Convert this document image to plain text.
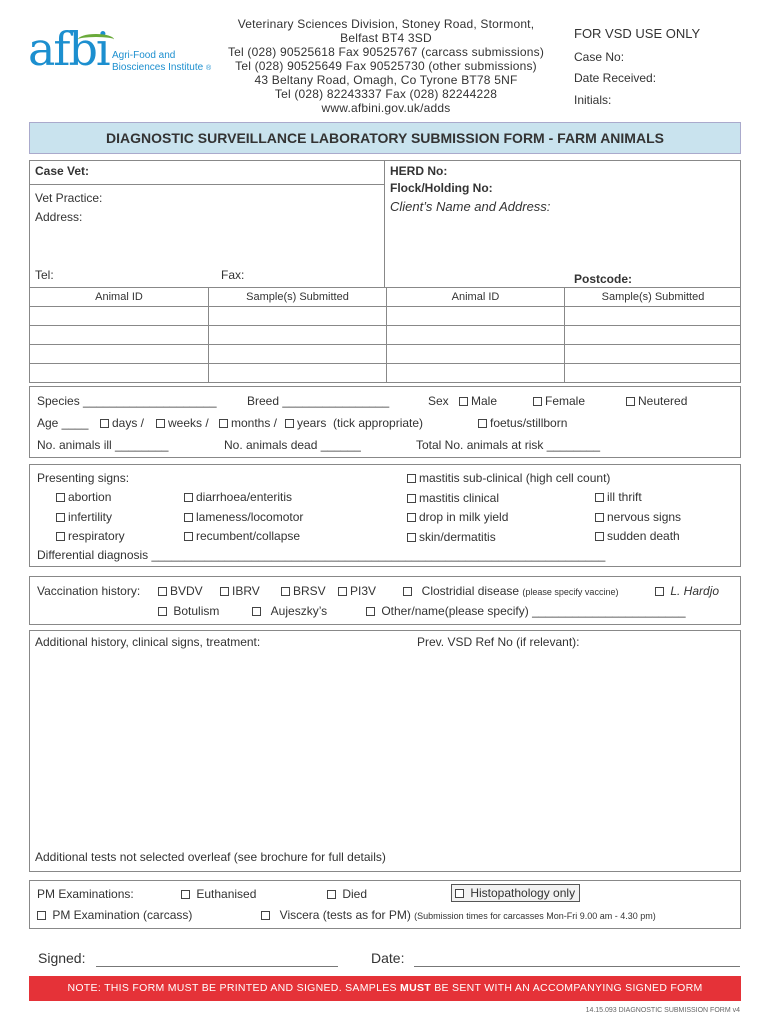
afbi Agri-Food and
Biosciences Institute ®
Veterinary Sciences Division, Stoney Road, Stormont,
Belfast BT4 3SD
Tel (028) 90525618 Fax 90525767 (carcass submissions)
Tel (028) 90525649 Fax 90525730 (other submissions)
43 Beltany Road, Omagh, Co Tyrone BT78 5NF
Tel (028) 82243337 Fax (028) 82244228
www.afbini.gov.uk/adds
FOR VSD USE ONLY
Case No:
Date Received:
Initials:
DIAGNOSTIC SURVEILLANCE LABORATORY SUBMISSION FORM - FARM ANIMALS
Case Vet:
Vet Practice:
Address:
Tel:	Fax:
HERD No:
Flock/Holding No:
Client’s Name and Address:
Postcode:
Animal ID	Sample(s) Submitted	Animal ID	Sample(s) Submitted
Species ____________________	Breed ________________	Sex	Male	Female	Neutered
Age ____	days /	weeks /	months /	years (tick appropriate)	foetus/stillborn
No. animals ill ________	No. animals dead ______	Total No. animals at risk ________
Presenting signs:
abortion
infertility
respiratory
diarrhoea/enteritis
lameness/locomotor
recumbent/collapse
mastitis sub-clinical (high cell count)
mastitis clinical
drop in milk yield
skin/dermatitis
ill thrift
nervous signs
sudden death
Differential diagnosis ____________________________________________________________________
Vaccination history:	BVDV	IBRV	BRSV	PI3V	Clostridial disease (please specify vaccine)	L. Hardjo
Botulism	Aujeszky’s	Other/name(please specify) _______________________
Additional history, clinical signs, treatment:	Prev. VSD Ref No (if relevant):
Additional tests not selected overleaf (see brochure for full details)
PM Examinations:	Euthanised	Died	Histopathology only
PM Examination (carcass)	Viscera (tests as for PM) (Submission times for carcasses Mon-Fri 9.00 am - 4.30 pm)
Signed:	Date:
NOTE: THIS FORM MUST BE PRINTED AND SIGNED. SAMPLES MUST BE SENT WITH AN ACCOMPANYING SIGNED FORM
14.15.093 DIAGNOSTIC SUBMISSION FORM v4
